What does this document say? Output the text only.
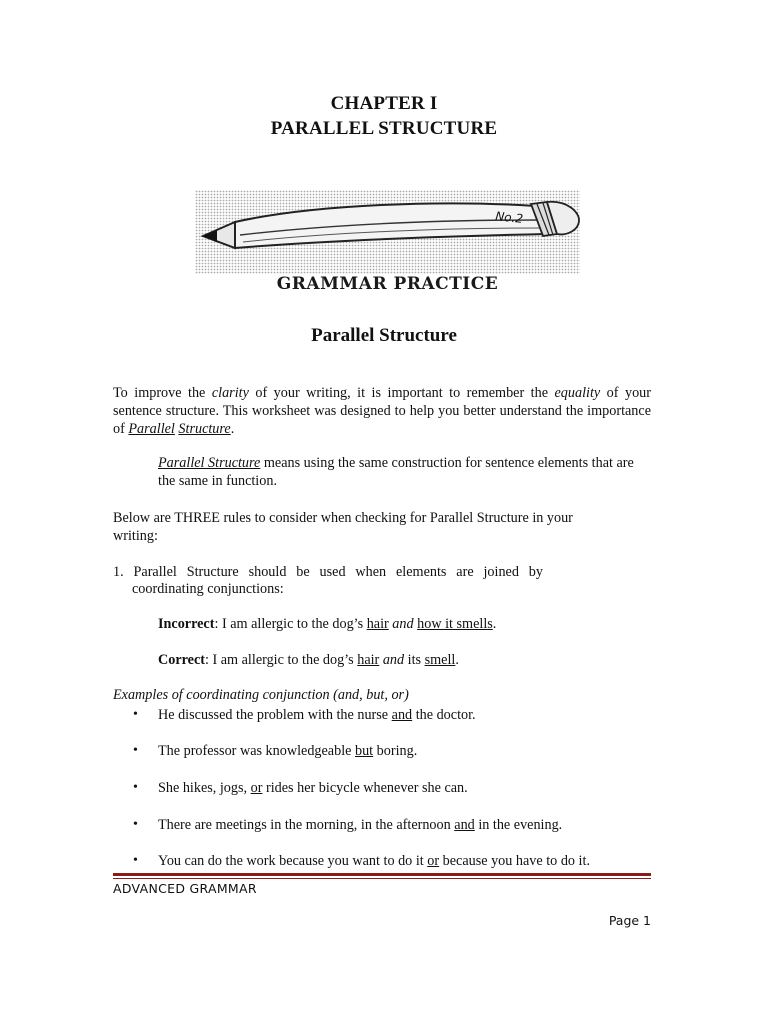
CHAPTER I
PARALLEL STRUCTURE
No.2
GRAMMAR PRACTICE
Parallel Structure
To improve the clarity of your writing, it is important to remember the equality of your sentence structure. This worksheet was designed to help you better understand the importance of Parallel Structure.
Parallel Structure means using the same construction for sentence elements that are the same in function.
Below are THREE rules to consider when checking for Parallel Structure in your writing:
1. Parallel Structure should be used when elements are joined by
coordinating conjunctions:
Incorrect: I am allergic to the dog’s hair and how it smells.
Correct: I am allergic to the dog’s hair and its smell.
Examples of coordinating conjunction (and, but, or)
• He discussed the problem with the nurse and the doctor.
• The professor was knowledgeable but boring.
• She hikes, jogs, or rides her bicycle whenever she can.
• There are meetings in the morning, in the afternoon and in the evening.
• You can do the work because you want to do it or because you have to do it.
ADVANCED GRAMMAR
Page 1
